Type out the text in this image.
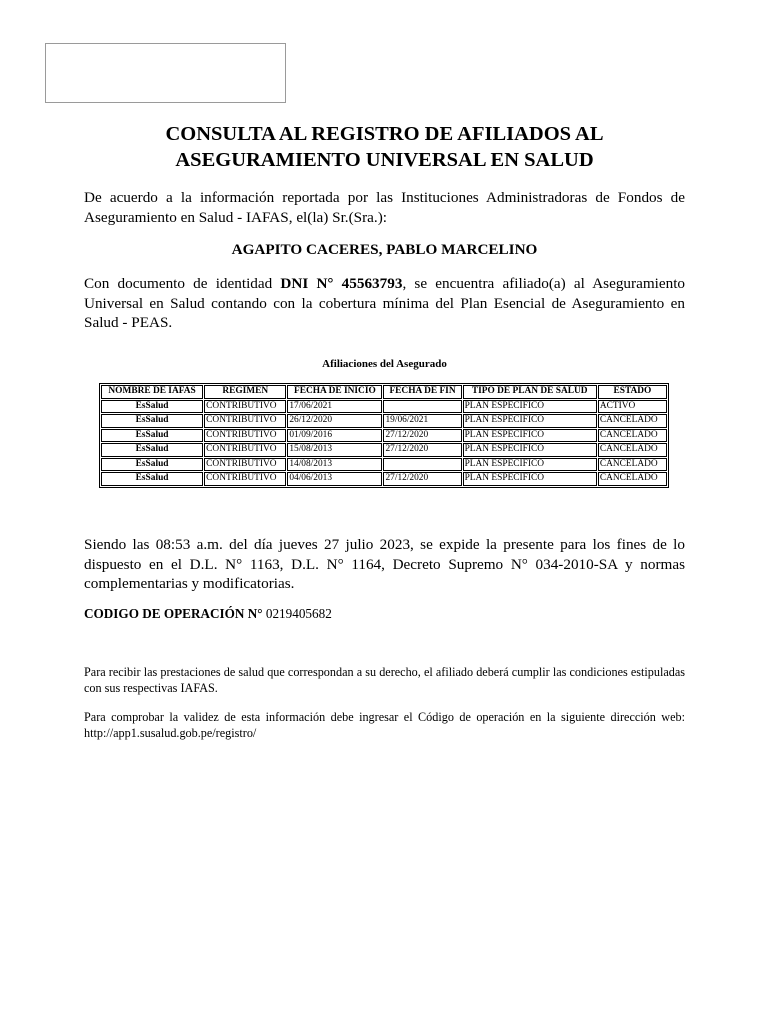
CONSULTA AL REGISTRO DE AFILIADOS AL
ASEGURAMIENTO UNIVERSAL EN SALUD
De acuerdo a la información reportada por las Instituciones Administradoras de Fondos de Aseguramiento en Salud - IAFAS, el(la) Sr.(Sra.):
AGAPITO CACERES, PABLO MARCELINO
Con documento de identidad DNI N° 45563793, se encuentra afiliado(a) al Aseguramiento Universal en Salud contando con la cobertura mínima del Plan Esencial de Aseguramiento en Salud - PEAS.
Afiliaciones del Asegurado
NOMBRE DE IAFAS	REGIMEN	FECHA DE INICIO	FECHA DE FIN	TIPO DE PLAN DE SALUD	ESTADO
EsSalud	CONTRIBUTIVO	17/06/2021		PLAN ESPECIFICO	ACTIVO
EsSalud	CONTRIBUTIVO	26/12/2020	19/06/2021	PLAN ESPECIFICO	CANCELADO
EsSalud	CONTRIBUTIVO	01/09/2016	27/12/2020	PLAN ESPECIFICO	CANCELADO
EsSalud	CONTRIBUTIVO	15/08/2013	27/12/2020	PLAN ESPECIFICO	CANCELADO
EsSalud	CONTRIBUTIVO	14/08/2013		PLAN ESPECIFICO	CANCELADO
EsSalud	CONTRIBUTIVO	04/06/2013	27/12/2020	PLAN ESPECIFICO	CANCELADO
Siendo las 08:53 a.m. del día jueves 27 julio 2023, se expide la presente para los fines de lo dispuesto en el D.L. N° 1163, D.L. N° 1164, Decreto Supremo N° 034-2010-SA y normas complementarias y modificatorias.
CODIGO DE OPERACIÓN N° 0219405682
Para recibir las prestaciones de salud que correspondan a su derecho, el afiliado deberá cumplir las condiciones estipuladas con sus respectivas IAFAS.
Para comprobar la validez de esta información debe ingresar el Código de operación en la siguiente dirección web: http://app1.susalud.gob.pe/registro/
